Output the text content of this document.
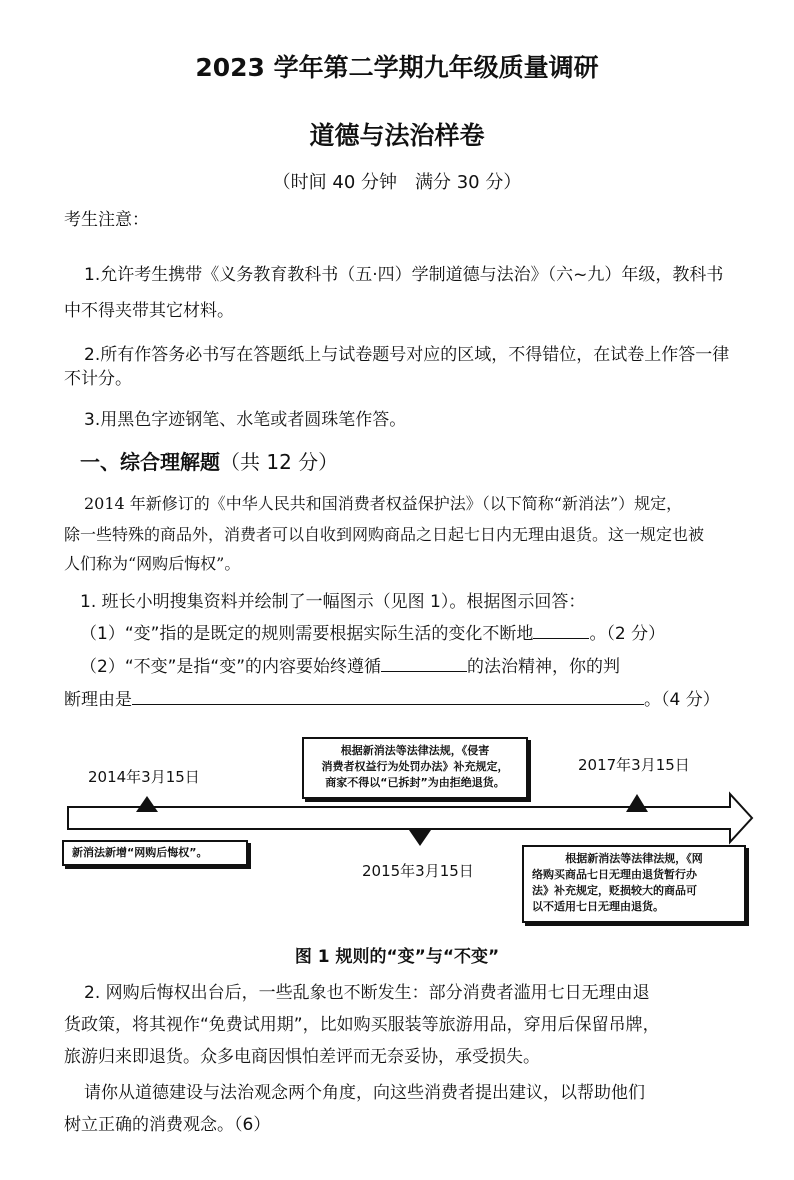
2023 学年第二学期九年级质量调研
道德与法治样卷
（时间 40 分钟　满分 30 分）
考生注意：
1.允许考生携带《义务教育教科书（五·四）学制道德与法治》（六~九）年级，教科书
中不得夹带其它材料。
2.所有作答务必书写在答题纸上与试卷题号对应的区域，不得错位，在试卷上作答一律
不计分。
3.用黑色字迹钢笔、水笔或者圆珠笔作答。
一、综合理解题（共 12 分）
2014 年新修订的《中华人民共和国消费者权益保护法》（以下简称“新消法”）规定，
除一些特殊的商品外，消费者可以自收到网购商品之日起七日内无理由退货。这一规定也被
人们称为“网购后悔权”。
1. 班长小明搜集资料并绘制了一幅图示（见图 1）。根据图示回答：
（1）“变”指的是既定的规则需要根据实际生活的变化不断地	。（2 分）
（2）“不变”是指“变”的内容要始终遵循	的法治精神，你的判
断理由是	。（4 分）
2014年3月15日
2015年3月15日
2017年3月15日
新消法新增“网购后悔权”。
根据新消法等法律法规，《侵害
消费者权益行为处罚办法》补充规定，
商家不得以“已拆封”为由拒绝退货。
根据新消法等法律法规，《网
络购买商品七日无理由退货暂行办
法》补充规定，贬损较大的商品可
以不适用七日无理由退货。
图 1 规则的“变”与“不变”
2. 网购后悔权出台后，一些乱象也不断发生：部分消费者滥用七日无理由退
货政策，将其视作“免费试用期”，比如购买服装等旅游用品，穿用后保留吊牌，
旅游归来即退货。众多电商因惧怕差评而无奈妥协，承受损失。
请你从道德建设与法治观念两个角度，向这些消费者提出建议，以帮助他们
树立正确的消费观念。（6）
